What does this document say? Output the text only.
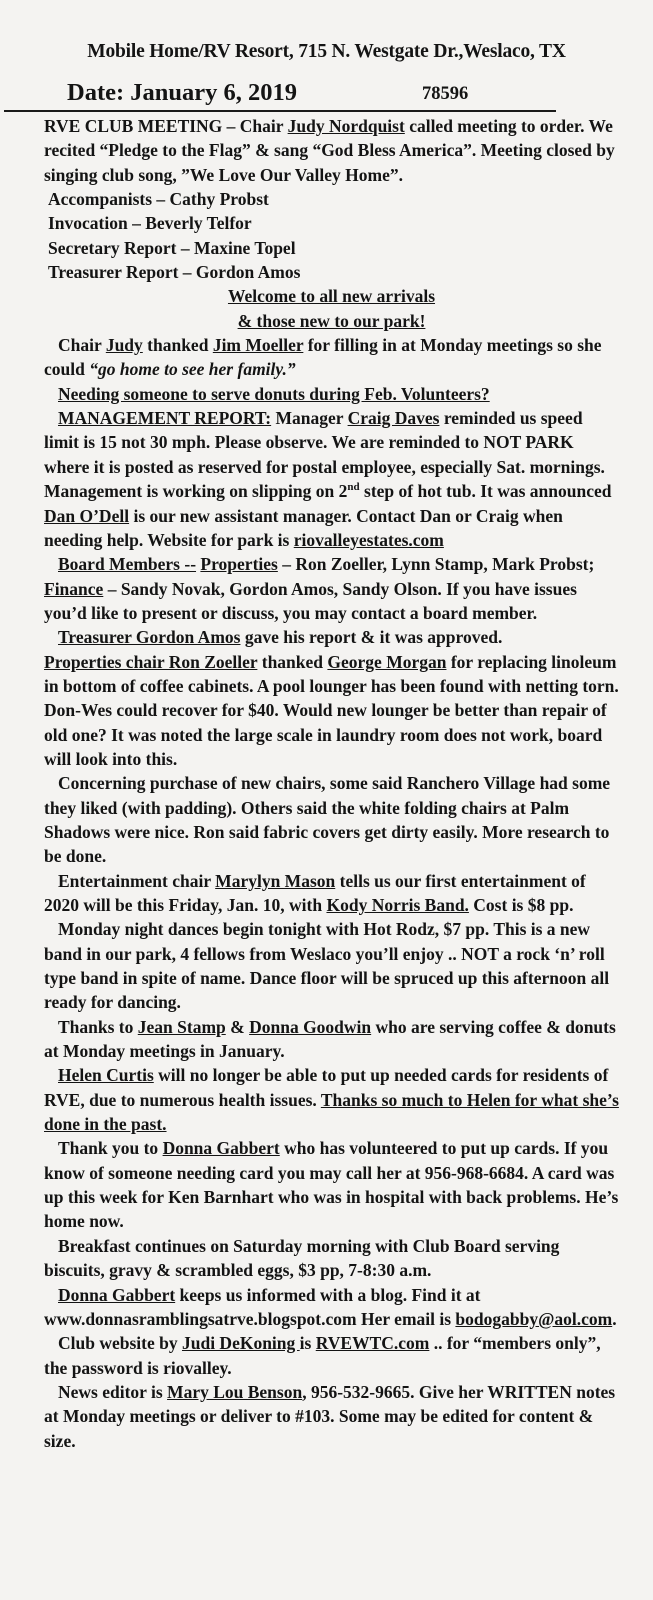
Mobile Home/RV Resort, 715 N. Westgate Dr.,Weslaco, TX
Date: January 6, 2019	78596

RVE CLUB MEETING – Chair Judy Nordquist called meeting to order. We recited “Pledge to the Flag” & sang “God Bless America”. Meeting closed by singing club song, ”We Love Our Valley Home”.

Accompanists – Cathy Probst
Invocation – Beverly Telfor
Secretary Report – Maxine Topel
Treasurer Report – Gordon Amos
Welcome to all new arrivals
& those new to our park!

Chair Judy thanked Jim Moeller for filling in at Monday meetings so she could “go home to see her family.”

Needing someone to serve donuts during Feb. Volunteers?

MANAGEMENT REPORT: Manager Craig Daves reminded us speed limit is 15 not 30 mph. Please observe. We are reminded to NOT PARK where it is posted as reserved for postal employee, especially Sat. mornings. Management is working on slipping on 2nd step of hot tub. It was announced Dan O’Dell is our new assistant manager. Contact Dan or Craig when needing help. Website for park is riovalleyestates.com

Board Members -- Properties – Ron Zoeller, Lynn Stamp, Mark Probst; Finance – Sandy Novak, Gordon Amos, Sandy Olson. If you have issues you’d like to present or discuss, you may contact a board member.

Treasurer Gordon Amos gave his report & it was approved.

Properties chair Ron Zoeller thanked George Morgan for replacing linoleum in bottom of coffee cabinets. A pool lounger has been found with netting torn. Don-Wes could recover for $40. Would new lounger be better than repair of old one? It was noted the large scale in laundry room does not work, board will look into this.

Concerning purchase of new chairs, some said Ranchero Village had some they liked (with padding). Others said the white folding chairs at Palm Shadows were nice. Ron said fabric covers get dirty easily. More research to be done.

Entertainment chair Marylyn Mason tells us our first entertainment of 2020 will be this Friday, Jan. 10, with Kody Norris Band. Cost is $8 pp.

Monday night dances begin tonight with Hot Rodz, $7 pp. This is a new band in our park, 4 fellows from Weslaco you’ll enjoy .. NOT a rock ‘n’ roll type band in spite of name. Dance floor will be spruced up this afternoon all ready for dancing.

Thanks to Jean Stamp & Donna Goodwin who are serving coffee & donuts at Monday meetings in January.

Helen Curtis will no longer be able to put up needed cards for residents of RVE, due to numerous health issues. Thanks so much to Helen for what she’s done in the past.

Thank you to Donna Gabbert who has volunteered to put up cards. If you know of someone needing card you may call her at 956-968-6684. A card was up this week for Ken Barnhart who was in hospital with back problems. He’s home now.

Breakfast continues on Saturday morning with Club Board serving biscuits, gravy & scrambled eggs, $3 pp, 7-8:30 a.m.

Donna Gabbert keeps us informed with a blog. Find it at www.donnasramblingsatrve.blogspot.com Her email is bodogabby@aol.com.

Club website by Judi DeKoning is RVEWTC.com .. for “members only”, the password is riovalley.

News editor is Mary Lou Benson, 956-532-9665. Give her WRITTEN notes at Monday meetings or deliver to #103. Some may be edited for content & size.
